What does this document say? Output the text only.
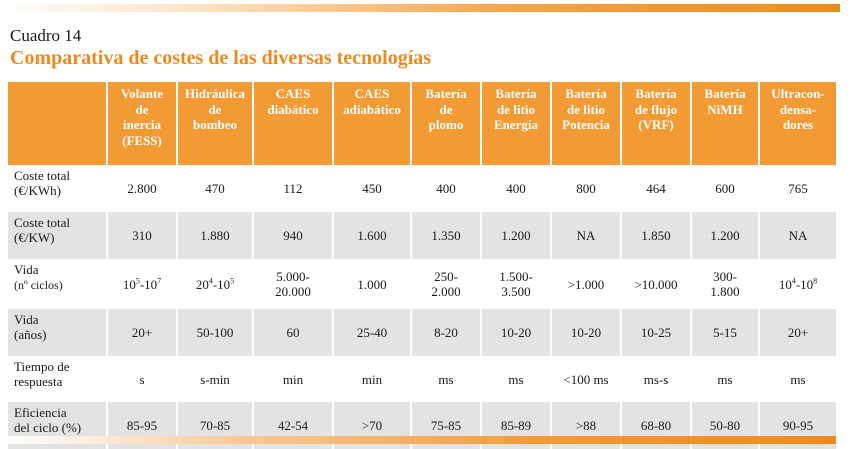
Cuadro 14
Comparativa de costes de las diversas tecnologías
	Volante
de
inercia
(FESS)	Hidráulica
de
bombeo	CAES
diabático	CAES
adiabático	Batería
de
plomo	Batería
de litio
Energía	Batería
de litio
Potencia	Batería
de flujo
(VRF)	Batería
NiMH	Ultracon-
densa-
dores
Coste total
(€/KWh)	2.800	470	112	450	400	400	800	464	600	765
Coste total
(€/KW)	310	1.880	940	1.600	1.350	1.200	NA	1.850	1.200	NA
Vida
(nº ciclos)	$10^5-10^7$	$20^4-10^5$	5.000-
20.000	1.000	250-
2.000	1.500-
3.500	>1.000	>10.000	300-
1.800	$10^4-10^8$
Vida
(años)	20+	50-100	60	25-40	8-20	10-20	10-20	10-25	5-15	20+
Tiempo de
respuesta	s	s-min	min	min	ms	ms	<100 ms	ms-s	ms	ms
Eficiencia
del ciclo (%)	85-95	70-85	42-54	>70	75-85	85-89	>88	68-80	50-80	90-95
